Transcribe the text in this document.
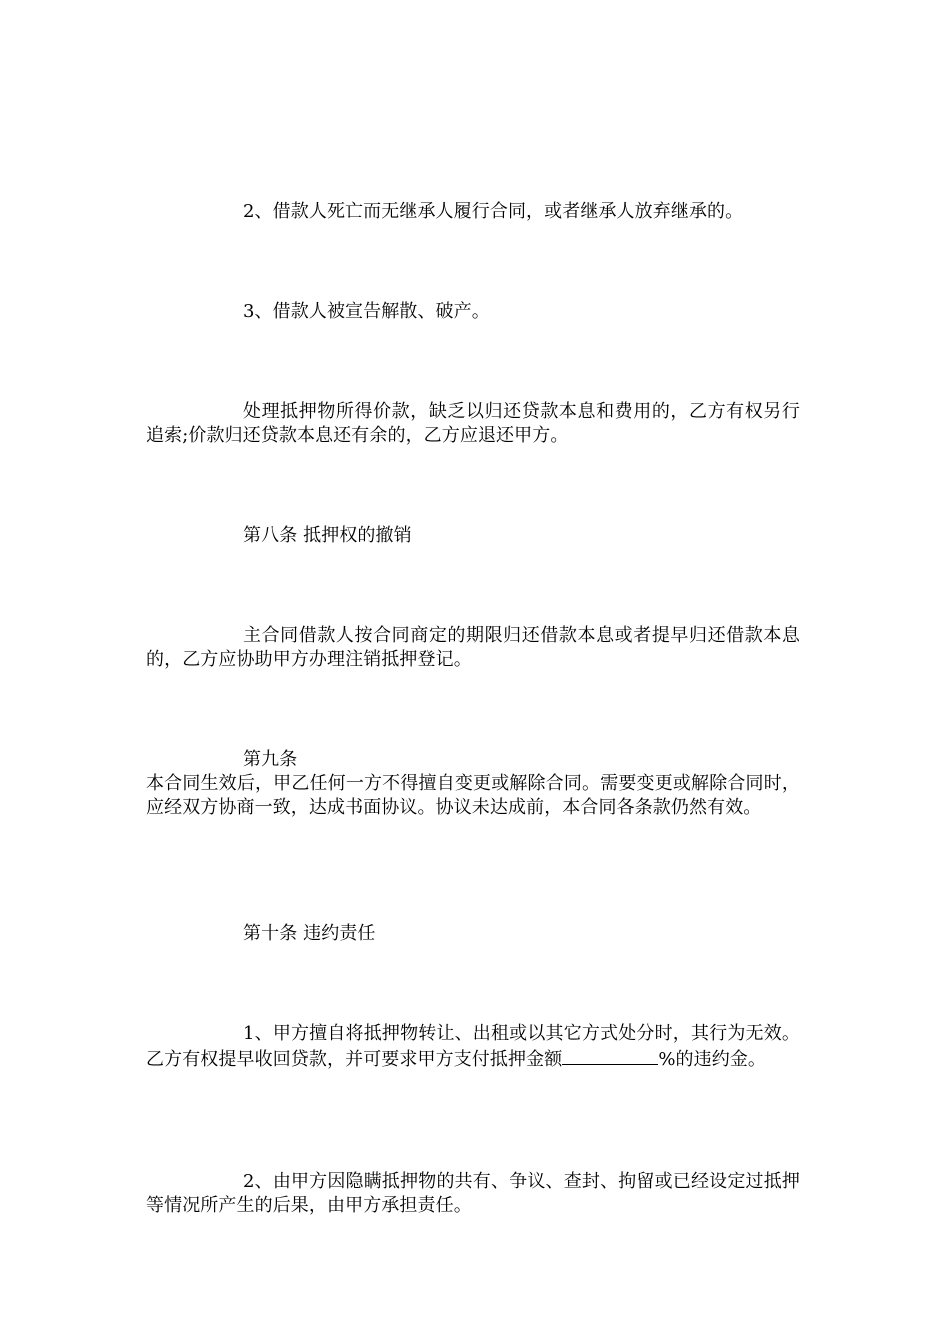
2、借款人死亡而无继承人履行合同，或者继承人放弃继承的。

3、借款人被宣告解散、破产。

处理抵押物所得价款，缺乏以归还贷款本息和费用的，乙方有权另行追索;价款归还贷款本息还有余的，乙方应退还甲方。

第八条 抵押权的撤销

主合同借款人按合同商定的期限归还借款本息或者提早归还借款本息的，乙方应协助甲方办理注销抵押登记。

第九条

本合同生效后，甲乙任何一方不得擅自变更或解除合同。需要变更或解除合同时，应经双方协商一致，达成书面协议。协议未达成前，本合同各条款仍然有效。

第十条 违约责任

1、甲方擅自将抵押物转让、出租或以其它方式处分时，其行为无效。乙方有权提早收回贷款，并可要求甲方支付抵押金额	%的违约金。

2、由甲方因隐瞒抵押物的共有、争议、查封、拘留或已经设定过抵押等情况所产生的后果，由甲方承担责任。
